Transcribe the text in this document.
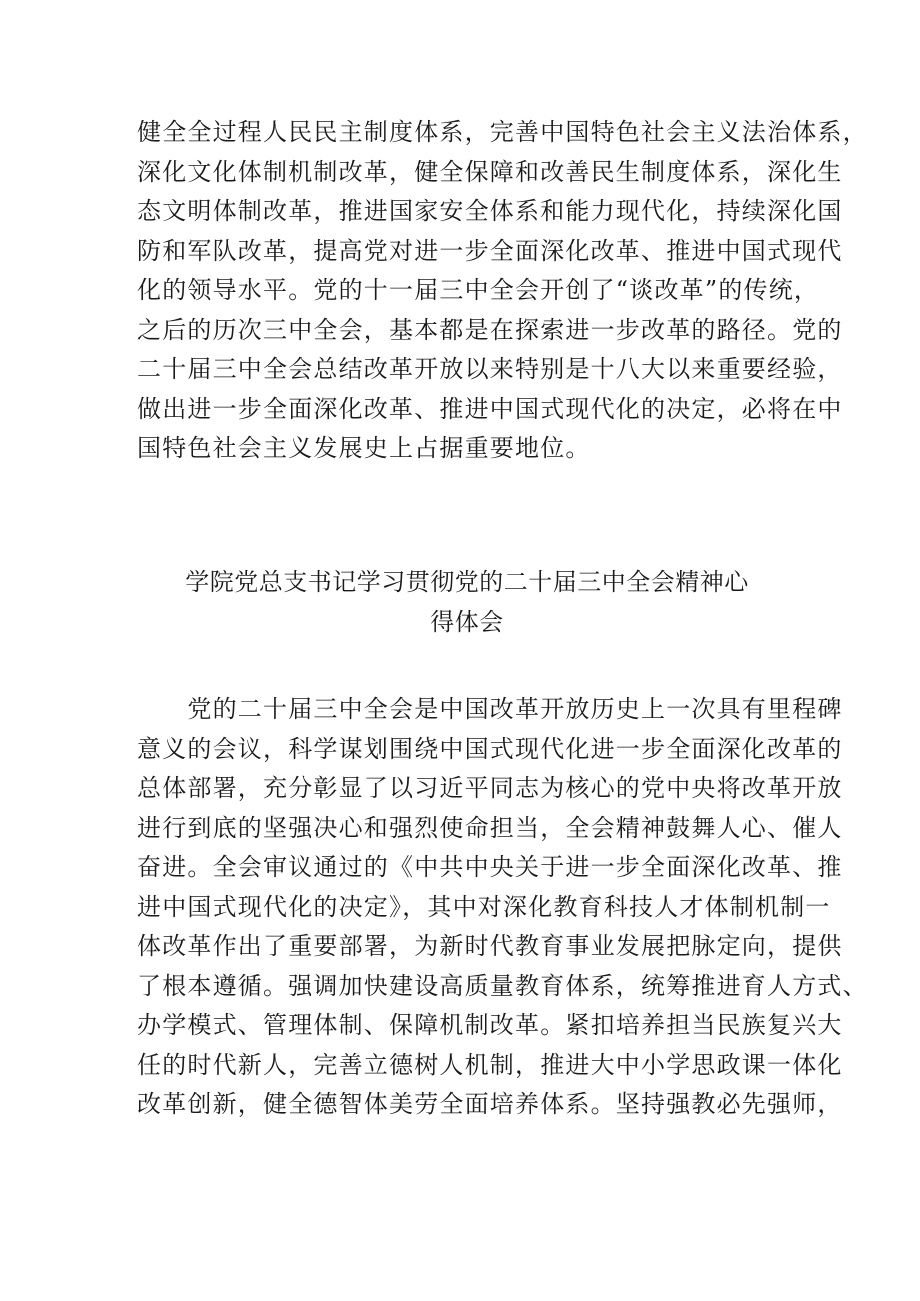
健全全过程人民民主制度体系，完善中国特色社会主义法治体系，
深化文化体制机制改革，健全保障和改善民生制度体系，深化生
态文明体制改革，推进国家安全体系和能力现代化，持续深化国
防和军队改革，提高党对进一步全面深化改革、推进中国式现代
化的领导水平。党的十一届三中全会开创了“谈改革”的传统，
之后的历次三中全会，基本都是在探索进一步改革的路径。党的
二十届三中全会总结改革开放以来特别是十八大以来重要经验，
做出进一步全面深化改革、推进中国式现代化的决定，必将在中
国特色社会主义发展史上占据重要地位。

学院党总支书记学习贯彻党的二十届三中全会精神心
得体会

　　党的二十届三中全会是中国改革开放历史上一次具有里程碑
意义的会议，科学谋划围绕中国式现代化进一步全面深化改革的
总体部署，充分彰显了以习近平同志为核心的党中央将改革开放
进行到底的坚强决心和强烈使命担当，全会精神鼓舞人心、催人
奋进。全会审议通过的《中共中央关于进一步全面深化改革、推
进中国式现代化的决定》，其中对深化教育科技人才体制机制一
体改革作出了重要部署，为新时代教育事业发展把脉定向，提供
了根本遵循。强调加快建设高质量教育体系，统筹推进育人方式、
办学模式、管理体制、保障机制改革。紧扣培养担当民族复兴大
任的时代新人，完善立德树人机制，推进大中小学思政课一体化
改革创新，健全德智体美劳全面培养体系。坚持强教必先强师，
